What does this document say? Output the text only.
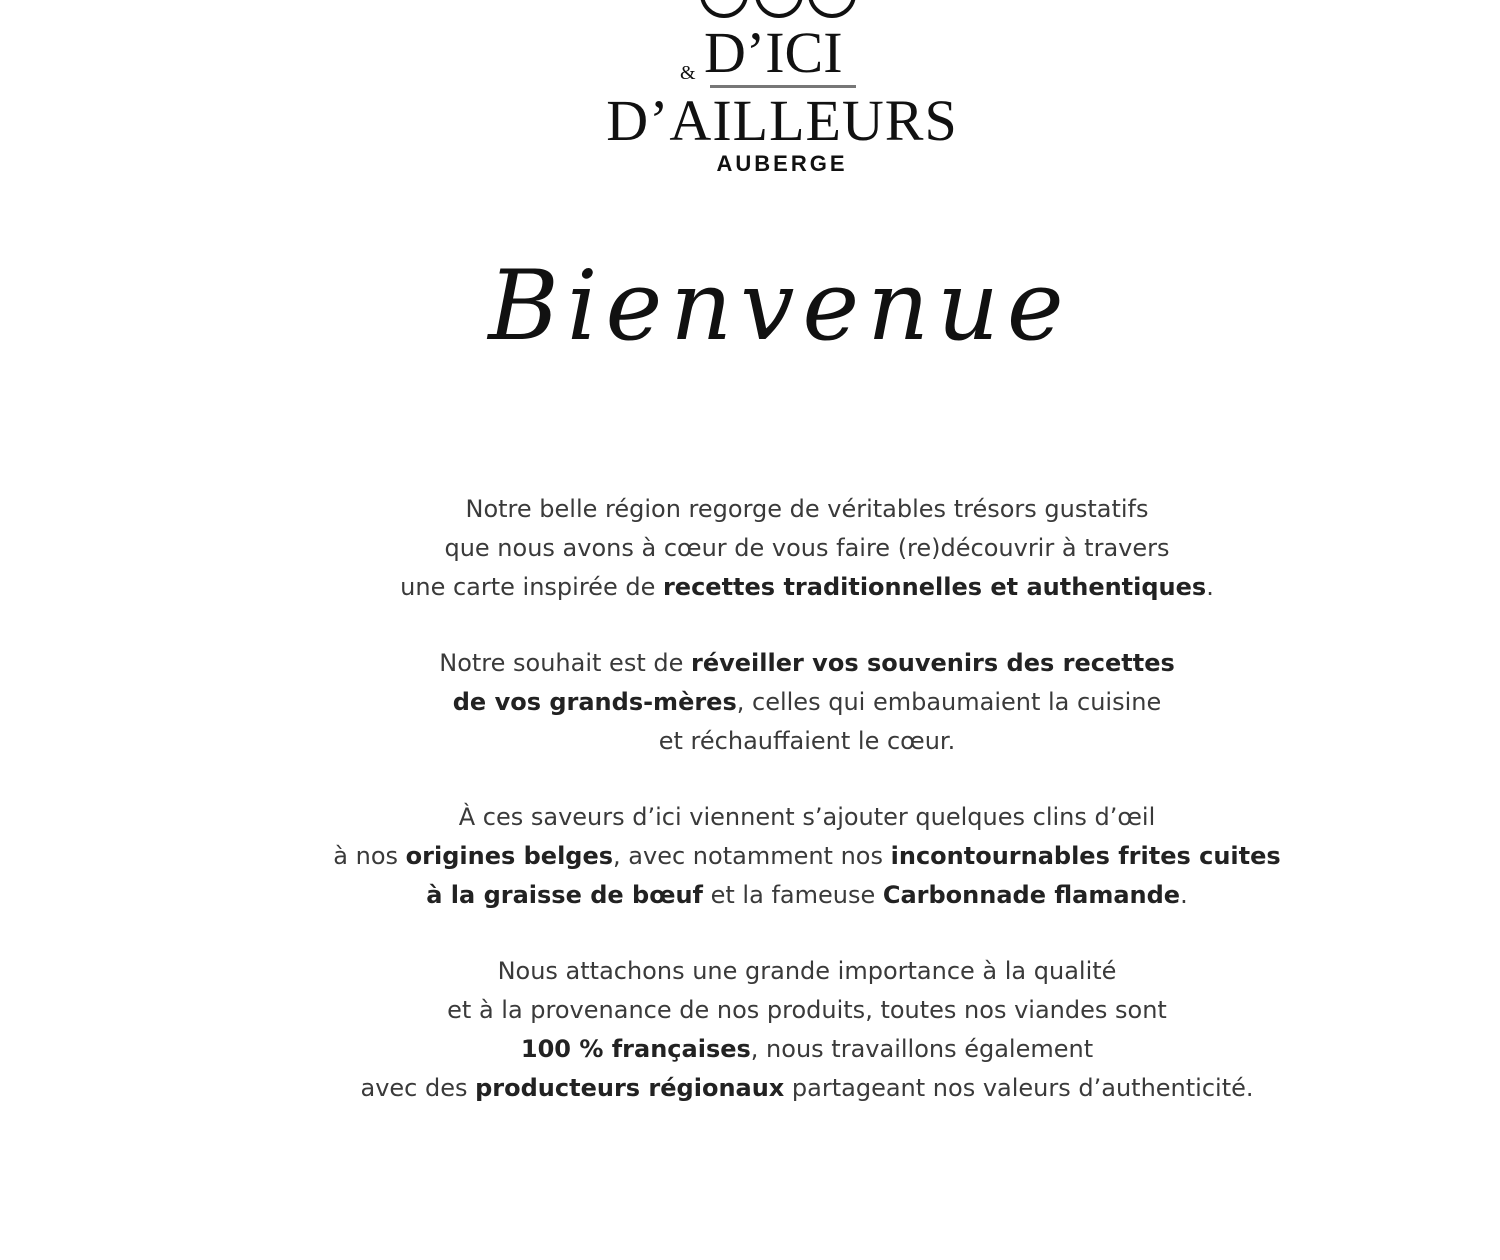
D’ICI
&
D’AILLEURS
AUBERGE
Bienvenue
Notre belle région regorge de véritables trésors gustatifs
que nous avons à cœur de vous faire (re)découvrir à travers
une carte inspirée de recettes traditionnelles et authentiques.
Notre souhait est de réveiller vos souvenirs des recettes
de vos grands-mères, celles qui embaumaient la cuisine
et réchauffaient le cœur.
À ces saveurs d’ici viennent s’ajouter quelques clins d’œil
à nos origines belges, avec notamment nos incontournables frites cuites
à la graisse de bœuf et la fameuse Carbonnade flamande.
Nous attachons une grande importance à la qualité
et à la provenance de nos produits, toutes nos viandes sont
100 % françaises, nous travaillons également
avec des producteurs régionaux partageant nos valeurs d’authenticité.
